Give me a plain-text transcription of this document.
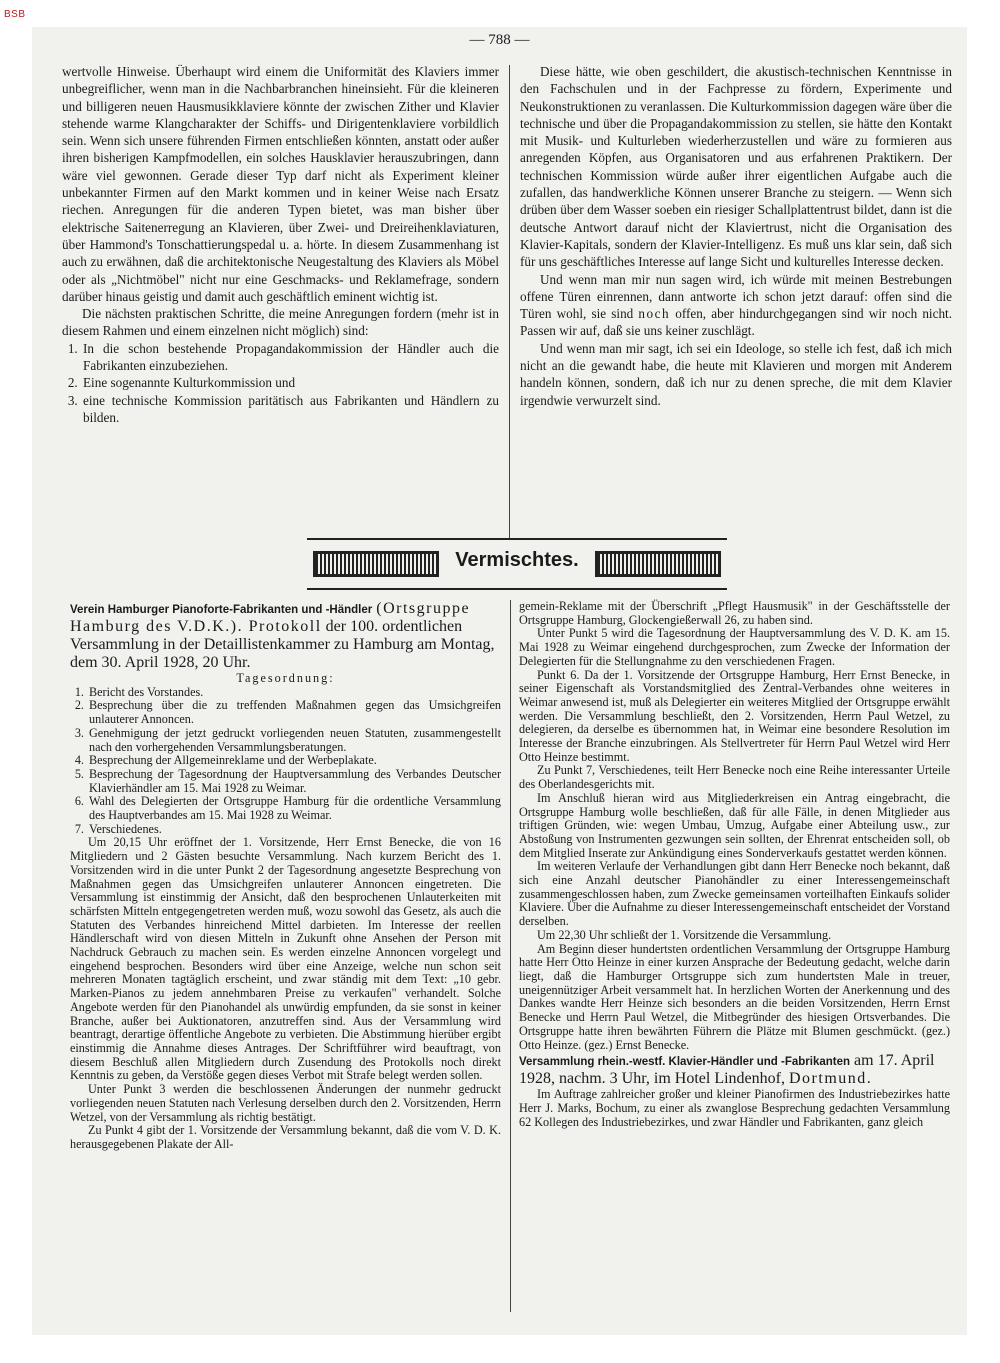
BSB
— 788 —

wertvolle Hinweise. Überhaupt wird einem die Uniformität des Klaviers immer unbegreiflicher, wenn man in die Nachbarbranchen hineinsieht. Für die kleineren und billigeren neuen Hausmusikklaviere könnte der zwischen Zither und Klavier stehende warme Klangcharakter der Schiffs- und Dirigentenklaviere vorbildlich sein. Wenn sich unsere führenden Firmen entschließen könnten, anstatt oder außer ihren bisherigen Kampfmodellen, ein solches Hausklavier herauszubringen, dann wäre viel gewonnen. Gerade dieser Typ darf nicht als Experiment kleiner unbekannter Firmen auf den Markt kommen und in keiner Weise nach Ersatz riechen. Anregungen für die anderen Typen bietet, was man bisher über elektrische Saitenerregung an Klavieren, über Zwei- und Dreireihenklaviaturen, über Hammond's Tonschattierungspedal u. a. hörte. In diesem Zusammenhang ist auch zu erwähnen, daß die architektonische Neugestaltung des Klaviers als Möbel oder als „Nichtmöbel" nicht nur eine Geschmacks- und Reklamefrage, sondern darüber hinaus geistig und damit auch geschäftlich eminent wichtig ist.

Die nächsten praktischen Schritte, die meine Anregungen fordern (mehr ist in diesem Rahmen und einem einzelnen nicht möglich) sind:

1. In die schon bestehende Propagandakommission der Händler auch die Fabrikanten einzubeziehen.
2. Eine sogenannte Kulturkommission und
3. eine technische Kommission paritätisch aus Fabrikanten und Händlern zu bilden.

Diese hätte, wie oben geschildert, die akustisch-technischen Kenntnisse in den Fachschulen und in der Fachpresse zu fördern, Experimente und Neukonstruktionen zu veranlassen. Die Kulturkommission dagegen wäre über die technische und über die Propagandakommission zu stellen, sie hätte den Kontakt mit Musik- und Kulturleben wiederherzustellen und wäre zu formieren aus anregenden Köpfen, aus Organisatoren und aus erfahrenen Praktikern. Der technischen Kommission würde außer ihrer eigentlichen Aufgabe auch die zufallen, das handwerkliche Können unserer Branche zu steigern. — Wenn sich drüben über dem Wasser soeben ein riesiger Schallplattentrust bildet, dann ist die deutsche Antwort darauf nicht der Klaviertrust, nicht die Organisation des Klavier-Kapitals, sondern der Klavier-Intelligenz. Es muß uns klar sein, daß sich für uns geschäftliches Interesse auf lange Sicht und kulturelles Interesse decken.

Und wenn man mir nun sagen wird, ich würde mit meinen Bestrebungen offene Türen einrennen, dann antworte ich schon jetzt darauf: offen sind die Türen wohl, sie sind noch offen, aber hindurchgegangen sind wir noch nicht. Passen wir auf, daß sie uns keiner zuschlägt.

Und wenn man mir sagt, ich sei ein Ideologe, so stelle ich fest, daß ich mich nicht an die gewandt habe, die heute mit Klavieren und morgen mit Anderem handeln können, sondern, daß ich nur zu denen spreche, die mit dem Klavier irgendwie verwurzelt sind.

Vermischtes.

Verein Hamburger Pianoforte-Fabrikanten und -Händler (Ortsgruppe Hamburg des V.D.K.). Protokoll der 100. ordentlichen Versammlung in der Detaillistenkammer zu Hamburg am Montag, dem 30. April 1928, 20 Uhr.

Tagesordnung:
1. Bericht des Vorstandes.
2. Besprechung über die zu treffenden Maßnahmen gegen das Umsichgreifen unlauterer Annoncen.
3. Genehmigung der jetzt gedruckt vorliegenden neuen Statuten, zusammengestellt nach den vorhergehenden Versammlungsberatungen.
4. Besprechung der Allgemeinreklame und der Werbeplakate.
5. Besprechung der Tagesordnung der Hauptversammlung des Verbandes Deutscher Klavierhändler am 15. Mai 1928 zu Weimar.
6. Wahl des Delegierten der Ortsgruppe Hamburg für die ordentliche Versammlung des Hauptverbandes am 15. Mai 1928 zu Weimar.
7. Verschiedenes.

Um 20,15 Uhr eröffnet der 1. Vorsitzende, Herr Ernst Benecke, die von 16 Mitgliedern und 2 Gästen besuchte Versammlung. Nach kurzem Bericht des 1. Vorsitzenden wird in die unter Punkt 2 der Tagesordnung angesetzte Besprechung von Maßnahmen gegen das Umsichgreifen unlauterer Annoncen eingetreten. Die Versammlung ist einstimmig der Ansicht, daß den besprochenen Unlauterkeiten mit schärfsten Mitteln entgegengetreten werden muß, wozu sowohl das Gesetz, als auch die Statuten des Verbandes hinreichend Mittel darbieten. Im Interesse der reellen Händlerschaft wird von diesen Mitteln in Zukunft ohne Ansehen der Person mit Nachdruck Gebrauch zu machen sein. Es werden einzelne Annoncen vorgelegt und eingehend besprochen. Besonders wird über eine Anzeige, welche nun schon seit mehreren Monaten tagtäglich erscheint, und zwar ständig mit dem Text: „10 gebr. Marken-Pianos zu jedem annehmbaren Preise zu verkaufen" verhandelt. Solche Angebote werden für den Pianohandel als unwürdig empfunden, da sie sonst in keiner Branche, außer bei Auktionatoren, anzutreffen sind. Aus der Versammlung wird beantragt, derartige öffentliche Angebote zu verbieten. Die Abstimmung hierüber ergibt einstimmig die Annahme dieses Antrages. Der Schriftführer wird beauftragt, von diesem Beschluß allen Mitgliedern durch Zusendung des Protokolls noch direkt Kenntnis zu geben, da Verstöße gegen dieses Verbot mit Strafe belegt werden sollen.

Unter Punkt 3 werden die beschlossenen Änderungen der nunmehr gedruckt vorliegenden neuen Statuten nach Verlesung derselben durch den 2. Vorsitzenden, Herrn Wetzel, von der Versammlung als richtig bestätigt.

Zu Punkt 4 gibt der 1. Vorsitzende der Versammlung bekannt, daß die vom V. D. K. herausgegebenen Plakate der All-

gemein-Reklame mit der Überschrift „Pflegt Hausmusik" in der Geschäftsstelle der Ortsgruppe Hamburg, Glockengießerwall 26, zu haben sind.

Unter Punkt 5 wird die Tagesordnung der Hauptversammlung des V. D. K. am 15. Mai 1928 zu Weimar eingehend durchgesprochen, zum Zwecke der Information der Delegierten für die Stellungnahme zu den verschiedenen Fragen.

Punkt 6. Da der 1. Vorsitzende der Ortsgruppe Hamburg, Herr Ernst Benecke, in seiner Eigenschaft als Vorstandsmitglied des Zentral-Verbandes ohne weiteres in Weimar anwesend ist, muß als Delegierter ein weiteres Mitglied der Ortsgruppe erwählt werden. Die Versammlung beschließt, den 2. Vorsitzenden, Herrn Paul Wetzel, zu delegieren, da derselbe es übernommen hat, in Weimar eine besondere Resolution im Interesse der Branche einzubringen. Als Stellvertreter für Herrn Paul Wetzel wird Herr Otto Heinze bestimmt.

Zu Punkt 7, Verschiedenes, teilt Herr Benecke noch eine Reihe interessanter Urteile des Oberlandesgerichts mit.

Im Anschluß hieran wird aus Mitgliederkreisen ein Antrag eingebracht, die Ortsgruppe Hamburg wolle beschließen, daß für alle Fälle, in denen Mitglieder aus triftigen Gründen, wie: wegen Umbau, Umzug, Aufgabe einer Abteilung usw., zur Abstoßung von Instrumenten gezwungen sein sollten, der Ehrenrat entscheiden soll, ob dem Mitglied Inserate zur Ankündigung eines Sonderverkaufs gestattet werden können.

Im weiteren Verlaufe der Verhandlungen gibt dann Herr Benecke noch bekannt, daß sich eine Anzahl deutscher Pianohändler zu einer Interessengemeinschaft zusammengeschlossen haben, zum Zwecke gemeinsamen vorteilhaften Einkaufs solider Klaviere. Über die Aufnahme zu dieser Interessengemeinschaft entscheidet der Vorstand derselben.

Um 22,30 Uhr schließt der 1. Vorsitzende die Versammlung.

Am Beginn dieser hundertsten ordentlichen Versammlung der Ortsgruppe Hamburg hatte Herr Otto Heinze in einer kurzen Ansprache der Bedeutung gedacht, welche darin liegt, daß die Hamburger Ortsgruppe sich zum hundertsten Male in treuer, uneigennütziger Arbeit versammelt hat. In herzlichen Worten der Anerkennung und des Dankes wandte Herr Heinze sich besonders an die beiden Vorsitzenden, Herrn Ernst Benecke und Herrn Paul Wetzel, die Mitbegründer des hiesigen Ortsverbandes. Die Ortsgruppe hatte ihren bewährten Führern die Plätze mit Blumen geschmückt. (gez.) Otto Heinze. (gez.) Ernst Benecke.

Versammlung rhein.-westf. Klavier-Händler und -Fabrikanten am 17. April 1928, nachm. 3 Uhr, im Hotel Lindenhof, Dortmund.

Im Auftrage zahlreicher großer und kleiner Pianofirmen des Industriebezirkes hatte Herr J. Marks, Bochum, zu einer als zwanglose Besprechung gedachten Versammlung 62 Kollegen des Industriebezirkes, und zwar Händler und Fabrikanten, ganz gleich
